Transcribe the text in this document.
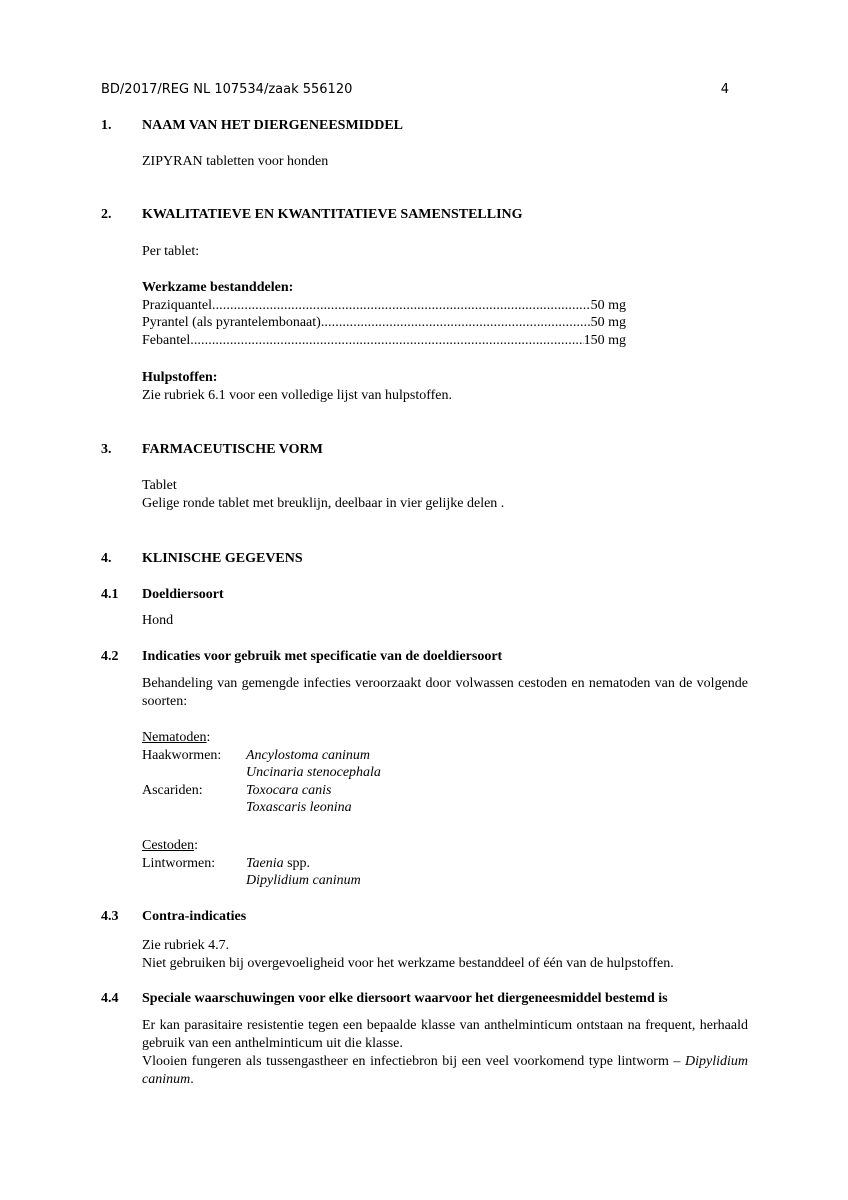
BD/2017/REG NL 107534/zaak 556120	4
1. NAAM VAN HET DIERGENEESMIDDEL
ZIPYRAN tabletten voor honden
2. KWALITATIEVE EN KWANTITATIEVE SAMENSTELLING
Per tablet:
Werkzame bestanddelen:
Praziquantel .....	50 mg
Pyrantel (als pyrantelembonaat) .....	50 mg
Febantel .....	150 mg
Hulpstoffen:
Zie rubriek 6.1 voor een volledige lijst van hulpstoffen.
3. FARMACEUTISCHE VORM
Tablet
Gelige ronde tablet met breuklijn, deelbaar in vier gelijke delen .
4. KLINISCHE GEGEVENS
4.1 Doeldiersoort
Hond
4.2 Indicaties voor gebruik met specificatie van de doeldiersoort
Behandeling van gemengde infecties veroorzaakt door volwassen cestoden en nematoden van de volgende soorten:
Nematoden:
Haakwormen:	Ancylostoma caninum
Uncinaria stenocephala
Ascariden:	Toxocara canis
Toxascaris leonina
Cestoden:
Lintwormen:	Taenia spp.
Dipylidium caninum
4.3 Contra-indicaties
Zie rubriek 4.7.
Niet gebruiken bij overgevoeligheid voor het werkzame bestanddeel of één van de hulpstoffen.
4.4 Speciale waarschuwingen voor elke diersoort waarvoor het diergeneesmiddel bestemd is
Er kan parasitaire resistentie tegen een bepaalde klasse van anthelminticum ontstaan na frequent, herhaald gebruik van een anthelminticum uit die klasse.
Vlooien fungeren als tussengastheer en infectiebron bij een veel voorkomend type lintworm – Dipylidium caninum.
